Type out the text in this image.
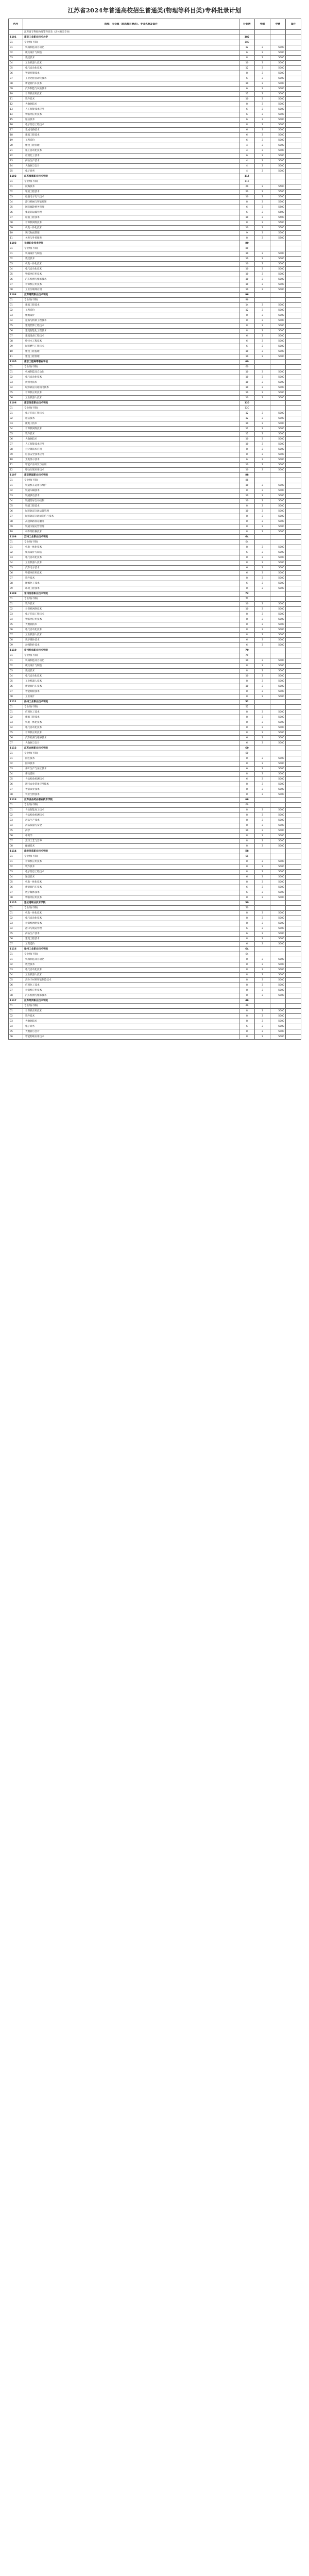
江苏省2024年普通高校招生普通类(物理等科目类)专科批录计划
代号	院校、专业组（再选科目要求）、专业名称及备注	计划数	学制	学费	备注
	江苏省专科批物理等科目类（含体育类专业）				
1101	南京工业职业技术大学	182			
01	专业组(不限)	182			
01	机械制造及自动化	12	3	5000	
02	模具设计与制造	6	3	5000	
03	数控技术	8	3	5000	
04	工业机器人技术	10	3	5000	
05	电气自动化技术	12	3	5000	
06	智能控制技术	8	3	5000	
07	工业过程自动化技术	6	3	5000	
08	新能源汽车技术	10	3	5000	
09	汽车制造与试验技术	6	3	5000	
10	计算机应用技术	12	3	5000	
11	软件技术	10	3	5000	
12	大数据技术	8	3	5000	
13	人工智能技术应用	6	3	5000	
14	物联网应用技术	6	3	5000	
15	通信技术	6	3	5000	
16	电子信息工程技术	8	3	5000	
17	集成电路技术	6	3	5000	
18	建筑工程技术	6	3	5000	
19	工程造价	6	3	5000	
20	建设工程管理	4	3	5000	
21	化工自动化技术	4	3	5000	
22	应用化工技术	6	3	5000	
23	药品生产技术	4	3	5000	
24	大数据与会计	4	3	5000	
25	电子商务	4	3	5000	
1102	江苏海事职业技术学院	115			
01	专业组(不限)	115			
01	航海技术	20	3	5500	
02	轮机工程技术	20	3	5500	
03	船舶电子电气技术	10	3	5500	
04	港口机械与智能控制	8	3	5500	
05	国际邮轮乘务管理	6	3	5500	
06	集装箱运输管理	6	3	5500	
07	船舶工程技术	10	3	5500	
08	计算机网络技术	8	3	5500	
09	机电一体化技术	10	3	5500	
10	现代物流管理	9	3	5500	
11	关务与外贸服务	8	3	5500	
1103	无锡职业技术学院	80			
01	专业组(不限)	80			
01	机械设计与制造	10	3	5000	
02	数控技术	10	3	5000	
03	机电一体化技术	10	3	5000	
04	电气自动化技术	10	3	5000	
05	物联网应用技术	10	3	5000	
06	汽车检测与维修技术	10	3	5000	
07	计算机应用技术	10	3	5000	
08	工业互联网应用	10	3	5000	
1104	江苏建筑职业技术学院	96			
01	专业组(不限)	96			
01	建筑工程技术	14	3	5000	
02	工程造价	12	3	5000	
03	建筑设计	8	3	5000	
04	道路与桥梁工程技术	8	3	5000	
05	建筑装饰工程技术	8	3	5000	
06	建筑智能化工程技术	8	3	5000	
07	建筑设备工程技术	6	3	5000	
08	给排水工程技术	6	3	5000	
09	城市燃气工程技术	6	3	5000	
10	建设工程监理	10	3	5000	
11	建设工程管理	10	3	5000	
1105	南京工程高等职业学校	60			
01	专业组(不限)	60			
01	机械制造及自动化	10	3	5000	
02	电气自动化技术	10	3	5000	
03	供用电技术	10	3	5000	
04	城市轨道交通机电技术	10	3	5000	
05	计算机应用技术	10	3	5000	
06	工业机器人技术	10	3	5000	
1106	南京信息职业技术学院	120			
01	专业组(不限)	120			
01	电子信息工程技术	12	3	5000	
02	通信技术	12	3	5000	
03	微电子技术	10	3	5000	
04	计算机网络技术	12	3	5000	
05	软件技术	12	3	5000	
06	大数据技术	10	3	5000	
07	人工智能技术应用	10	3	5000	
08	云计算技术应用	8	3	5000	
09	信息安全技术应用	8	3	5000	
10	光电显示技术	6	3	5000	
11	智能产品开发与应用	10	3	5000	
12	移动互联应用技术	10	3	5000	
1107	南京铁道职业技术学院	88			
01	专业组(不限)	88			
01	铁道机车运用与维护	10	3	5000	
02	铁道车辆技术	8	3	5000	
03	铁道供电技术	10	3	5000	
04	铁道信号自动控制	10	3	5000	
05	铁道工程技术	8	3	5000	
06	城市轨道交通运营管理	10	3	5000	
07	城市轨道交通通信信号技术	8	3	5000	
08	高速铁路客运服务	8	3	5000	
09	铁道交通运营管理	8	3	5000	
10	动车组检修技术	8	3	5000	
1108	苏州工业职业技术学院	64			
01	专业组(不限)	64			
01	机电一体化技术	8	3	5000	
02	模具设计与制造	6	3	5000	
03	电气自动化技术	8	3	5000	
04	工业机器人技术	8	3	5000	
05	汽车电子技术	6	3	5000	
06	物联网应用技术	6	3	5000	
07	软件技术	8	3	5000	
08	精细化工技术	6	3	5000	
09	环境工程技术	8	3	5000	
1109	常州信息职业技术学院	72			
01	专业组(不限)	72			
01	软件技术	10	3	5000	
02	计算机网络技术	10	3	5000	
03	电子信息工程技术	8	3	5000	
04	物联网应用技术	8	3	5000	
05	大数据技术	8	3	5000	
06	电气自动化技术	8	3	5000	
07	工业机器人技术	8	3	5000	
08	数字媒体技术	6	3	5000	
09	动漫制作技术	6	3	5000	
1110	常州机电职业技术学院	70			
01	专业组(不限)	70			
01	机械制造及自动化	10	3	5000	
02	模具设计与制造	8	3	5000	
03	数控技术	8	3	5000	
04	电气自动化技术	10	3	5000	
05	工业机器人技术	8	3	5000	
06	新能源汽车技术	10	3	5000	
07	智能焊接技术	8	3	5000	
08	工业设计	8	3	5000	
1111	扬州工业职业技术学院	52			
01	专业组(不限)	52			
01	应用化工技术	8	3	5000	
02	建筑工程技术	8	3	5000	
03	机电一体化技术	8	3	5000	
04	电气自动化技术	8	3	5000	
05	计算机应用技术	8	3	5000	
06	汽车检测与维修技术	6	3	5000	
07	大数据与会计	6	3	5000	
1112	江苏农林职业技术学院	60			
01	专业组(不限)	60			
01	园艺技术	8	3	5000	
02	园林技术	8	3	5000	
03	茶叶生产与加工技术	6	3	5000	
04	畜牧兽医	8	3	5000	
05	食品检验检测技术	6	3	5000	
06	现代农业装备应用技术	8	3	5000	
07	智慧农业技术	8	3	5000	
08	农业生物技术	8	3	5000	
1113	江苏食品药品职业技术学院	66			
01	专业组(不限)	66			
01	食品智能加工技术	8	3	5000	
02	食品检验检测技术	8	3	5000	
03	药品生产技术	8	3	5000	
04	药品质量与安全	8	3	5000	
05	药学	10	3	5000	
06	中药学	8	3	5000	
07	烹饪工艺与营养	8	3	5000	
08	酿酒技术	8	3	5000	
1114	淮安信息职业技术学院	58			
01	专业组(不限)	58			
01	计算机应用技术	8	3	5000	
02	软件技术	8	3	5000	
03	电子信息工程技术	8	3	5000	
04	通信技术	6	3	5000	
05	机电一体化技术	8	3	5000	
06	新能源汽车技术	6	3	5000	
07	数字媒体技术	6	3	5000	
08	物联网应用技术	8	3	5000	
1115	连云港职业技术学院	50			
01	专业组(不限)	50			
01	机电一体化技术	8	3	5000	
02	电气自动化技术	8	3	5000	
03	计算机网络技术	8	3	5000	
04	港口与航运管理	6	3	5000	
05	药品生产技术	6	3	5000	
06	建筑工程技术	8	3	5000	
07	工程造价	6	3	5000	
1116	徐州工业职业技术学院	64			
01	专业组(不限)	64			
01	机械制造及自动化	8	3	5000	
02	数控技术	8	3	5000	
03	电气自动化技术	8	3	5000	
04	工业机器人技术	8	3	5000	
05	高分子材料智能制造技术	8	3	5000	
06	应用化工技术	8	3	5000	
07	计算机应用技术	8	3	5000	
08	汽车检测与维修技术	8	3	5000	
1117	江苏经贸职业技术学院	46			
01	专业组(不限)	46			
01	计算机应用技术	8	3	5000	
02	软件技术	8	3	5000	
03	大数据技术	8	3	5000	
04	电子商务	6	3	5000	
05	大数据与会计	8	3	5000	
06	智能物联应用技术	8	3	5000	
